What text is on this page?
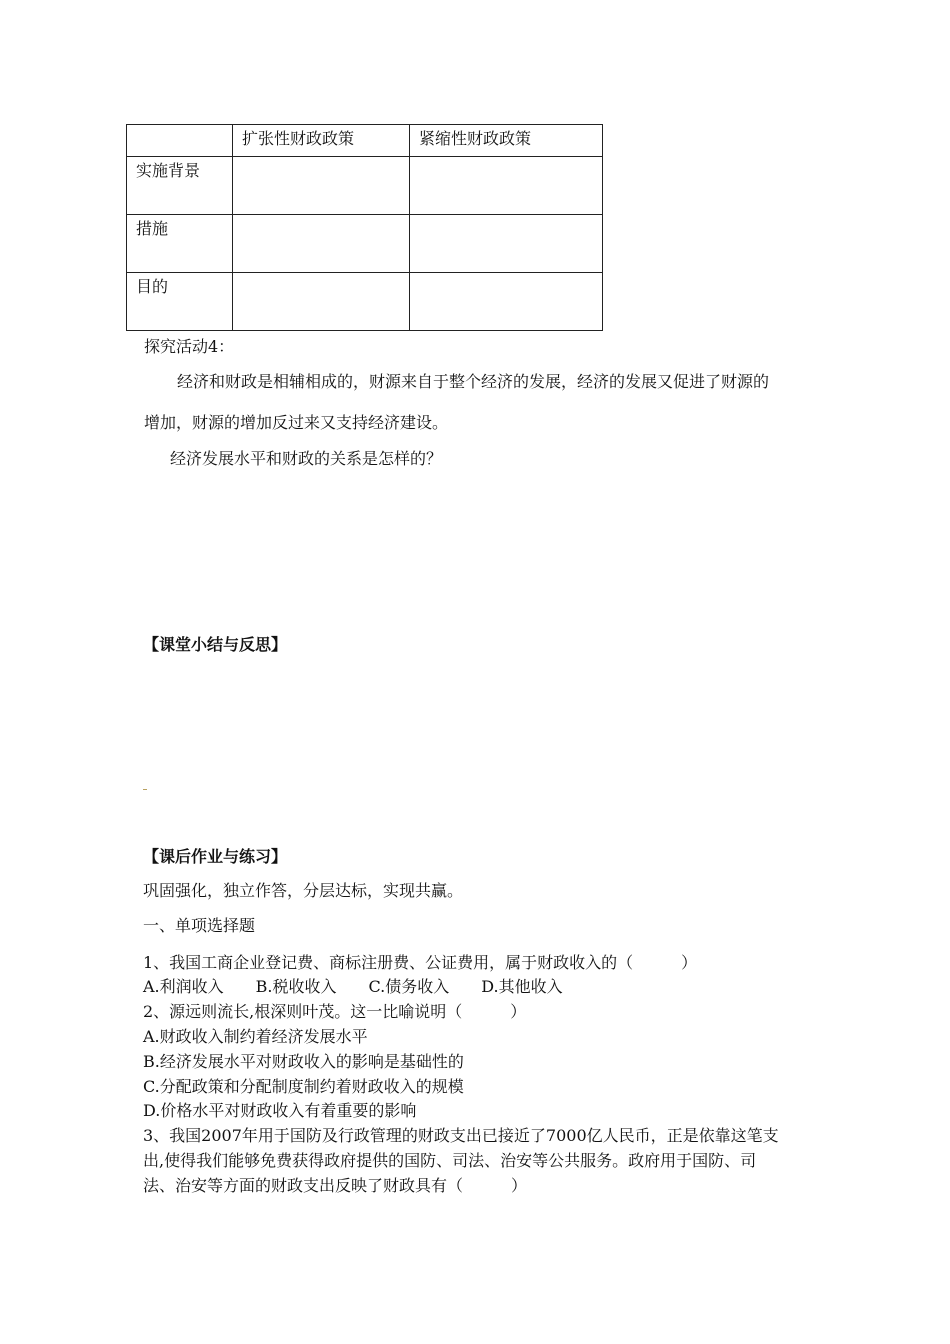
	扩张性财政政策	紧缩性财政政策
实施背景		
措施		
目的		
探究活动4：
经济和财政是相辅相成的，财源来自于整个经济的发展，经济的发展又促进了财源的
增加，财源的增加反过来又支持经济建设。
经济发展水平和财政的关系是怎样的？
【课堂小结与反思】
【课后作业与练习】
巩固强化，独立作答，分层达标，实现共赢。
一、单项选择题
1、我国工商企业登记费、商标注册费、公证费用，属于财政收入的（　　　）
A.利润收入　　B.税收收入　　C.债务收入　　D.其他收入
2、源远则流长,根深则叶茂。这一比喻说明（　　　）
A.财政收入制约着经济发展水平
B.经济发展水平对财政收入的影响是基础性的
C.分配政策和分配制度制约着财政收入的规模
D.价格水平对财政收入有着重要的影响
3、我国2007年用于国防及行政管理的财政支出已接近了7000亿人民币，正是依靠这笔支
出,使得我们能够免费获得政府提供的国防、司法、治安等公共服务。政府用于国防、司
法、治安等方面的财政支出反映了财政具有（　　　）
